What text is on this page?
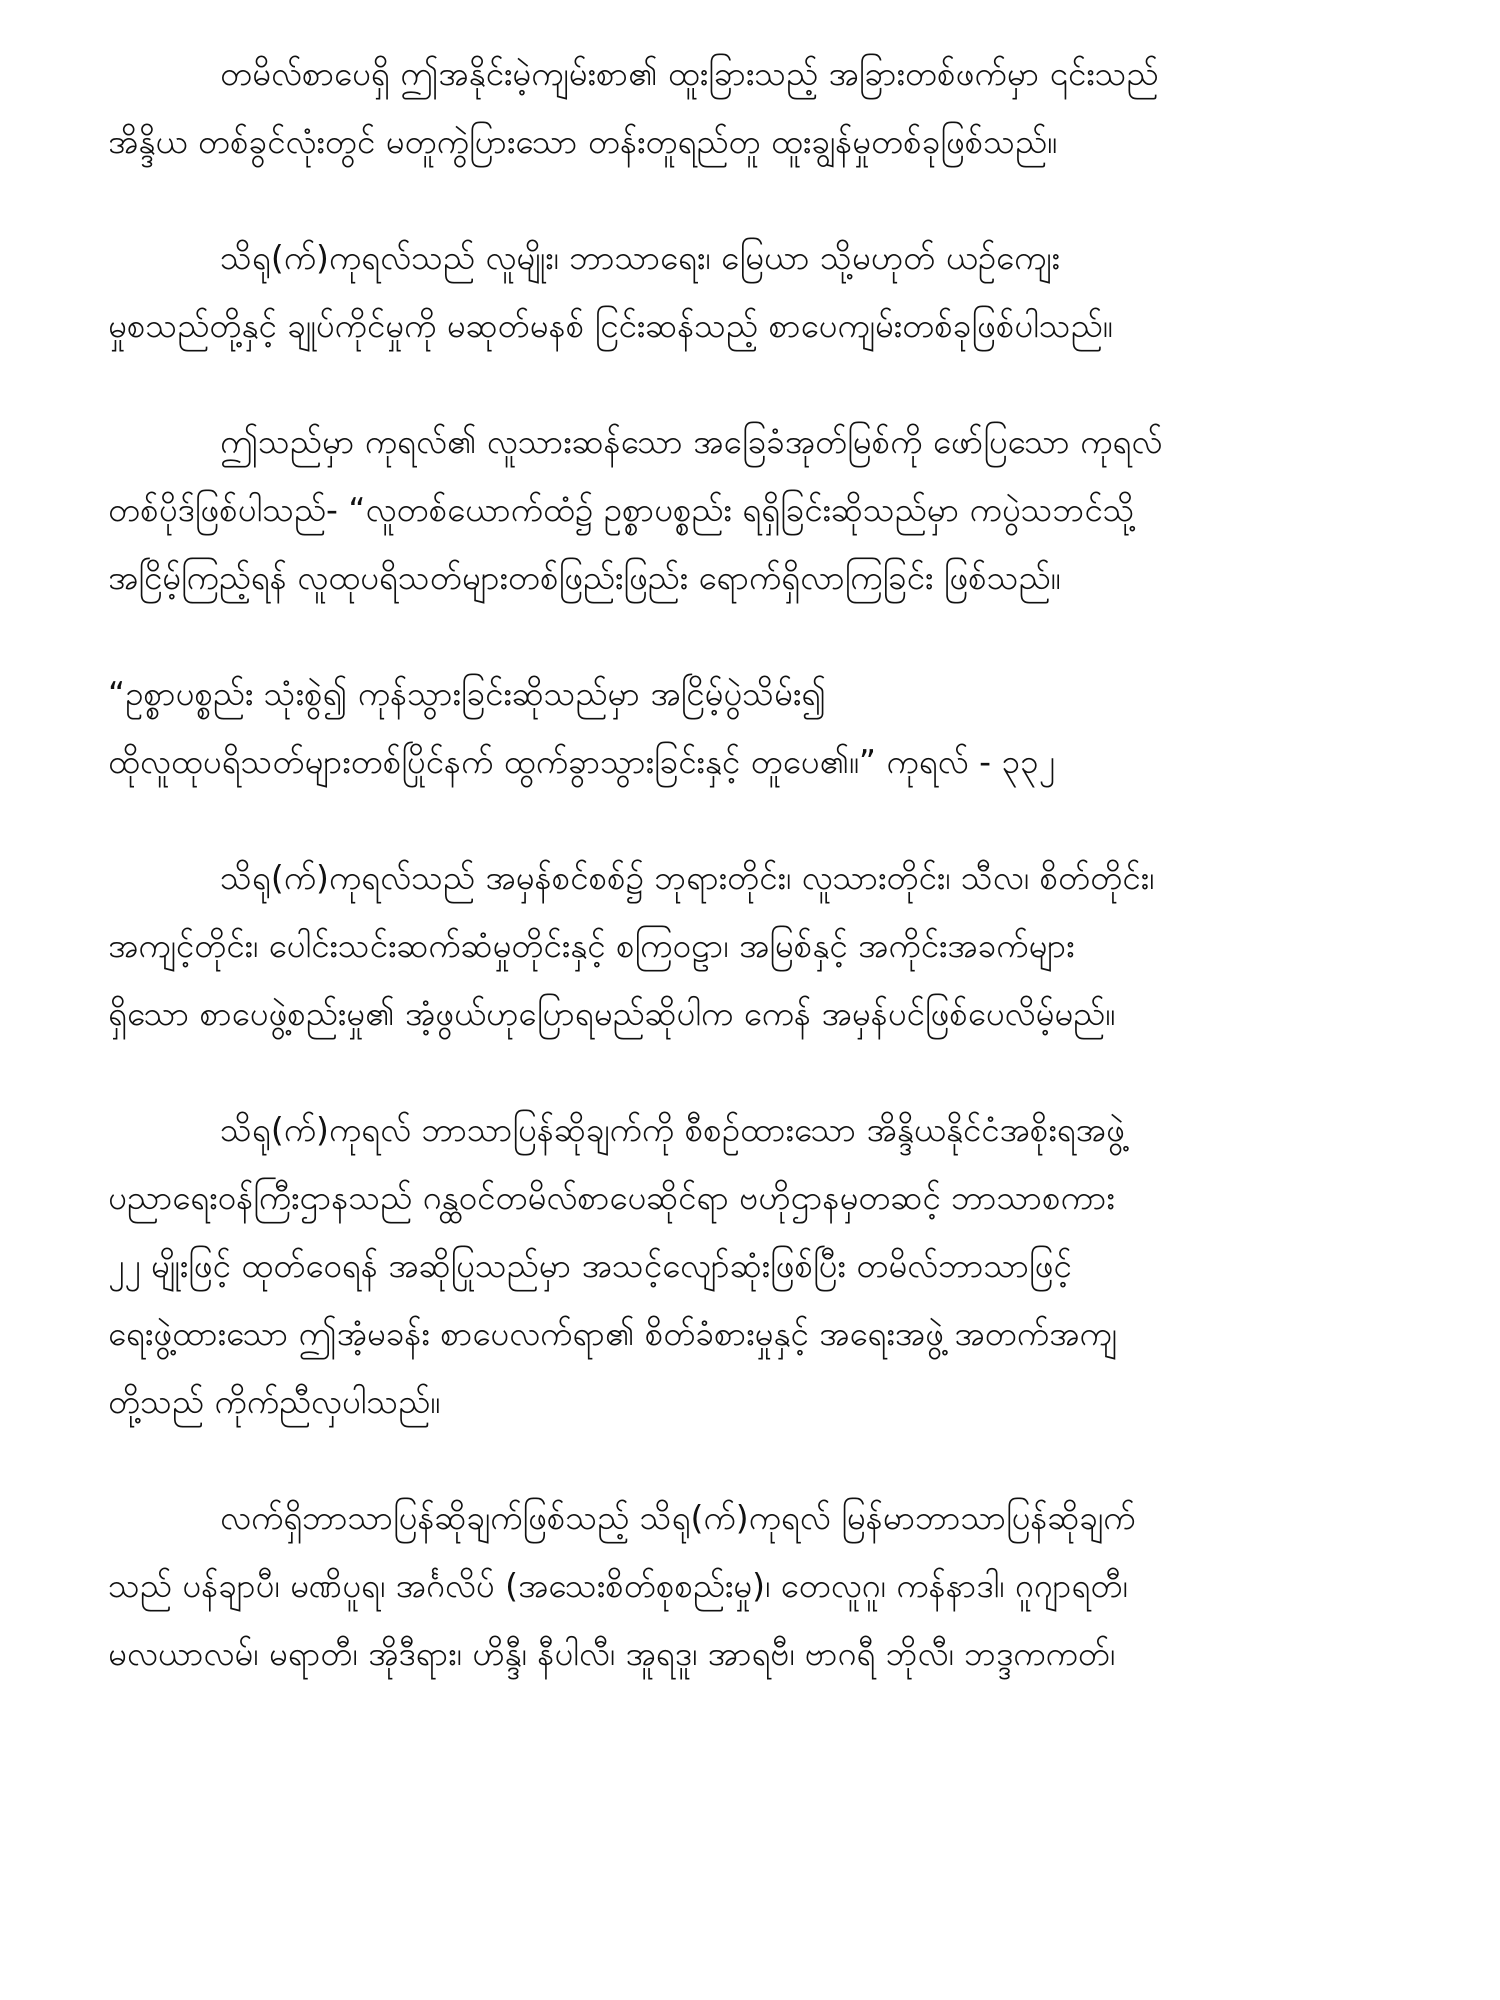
တမိလ်စာပေရှိ ဤအနိုင်းမဲ့ကျမ်းစာ၏ ထူးခြားသည့် အခြားတစ်ဖက်မှာ ၎င်းသည်
အိန္ဒိယ တစ်ခွင်လုံးတွင် မတူကွဲပြားသော တန်းတူရည်တူ ထူးချွန်မှုတစ်ခုဖြစ်သည်။

သိရု(က်)ကုရလ်သည် လူမျိုး၊ ဘာသာရေး၊ မြေယာ သို့မဟုတ် ယဉ်ကျေး
မှုစသည်တို့နှင့် ချုပ်ကိုင်မှုကို မဆုတ်မနစ် ငြင်းဆန်သည့် စာပေကျမ်းတစ်ခုဖြစ်ပါသည်။

ဤသည်မှာ ကုရလ်၏ လူသားဆန်သော အခြေခံအုတ်မြစ်ကို ဖော်ပြသော ကုရလ်
တစ်ပိုဒ်ဖြစ်ပါသည်- “လူတစ်ယောက်ထံ၌ ဥစ္စာပစ္စည်း ရရှိခြင်းဆိုသည်မှာ ကပွဲသဘင်သို့
အငြိမ့်ကြည့်ရန် လူထုပရိသတ်များတစ်ဖြည်းဖြည်း ရောက်ရှိလာကြခြင်း ဖြစ်သည်။

“ဥစ္စာပစ္စည်း သုံးစွဲ၍ ကုန်သွားခြင်းဆိုသည်မှာ အငြိမ့်ပွဲသိမ်း၍
ထိုလူထုပရိသတ်များတစ်ပြိုင်နက် ထွက်ခွာသွားခြင်းနှင့် တူပေ၏။” ကုရလ် - ၃၃၂

သိရု(က်)ကုရလ်သည် အမှန်စင်စစ်၌ ဘုရားတိုင်း၊ လူသားတိုင်း၊ သီလ၊ စိတ်တိုင်း၊
အကျင့်တိုင်း၊ ပေါင်းသင်းဆက်ဆံမှုတိုင်းနှင့် စကြဝဠာ၊ အမြစ်နှင့် အကိုင်းအခက်များ
ရှိသော စာပေဖွဲ့စည်းမှု၏ အံ့ဖွယ်ဟုပြောရမည်ဆိုပါက ကေန် အမှန်ပင်ဖြစ်ပေလိမ့်မည်။

သိရု(က်)ကုရလ် ဘာသာပြန်ဆိုချက်ကို စီစဉ်ထားသော အိန္ဒိယနိုင်ငံအစိုးရအဖွဲ့
ပညာရေးဝန်ကြီးဌာနသည် ဂန္ထဝင်တမိလ်စာပေဆိုင်ရာ ဗဟိုဌာနမှတဆင့် ဘာသာစကား
၂၂ မျိုးဖြင့် ထုတ်ဝေရန် အဆိုပြုသည်မှာ အသင့်လျော်ဆုံးဖြစ်ပြီး တမိလ်ဘာသာဖြင့်
ရေးဖွဲ့ထားသော ဤအံ့မခန်း စာပေလက်ရာ၏ စိတ်ခံစားမှုနှင့် အရေးအဖွဲ့ အတက်အကျ
တို့သည် ကိုက်ညီလှပါသည်။

လက်ရှိဘာသာပြန်ဆိုချက်ဖြစ်သည့် သိရု(က်)ကုရလ် မြန်မာဘာသာပြန်ဆိုချက်
သည် ပန်ချာပီ၊ မဏိပူရ၊ အင်္ဂလိပ် (အသေးစိတ်စုစည်းမှု)၊ တေလူဂူ၊ ကန်နာဒါ၊ ဂူဂျာရတီ၊
မလယာလမ်၊ မရာတီ၊ အိုဒီရား၊ ဟိန္ဒီ၊ နီပါလီ၊ အူရဒူ၊ အာရဗီ၊ ဗာဂရီ ဘိုလီ၊ ဘဒ္ဒကကတ်၊
